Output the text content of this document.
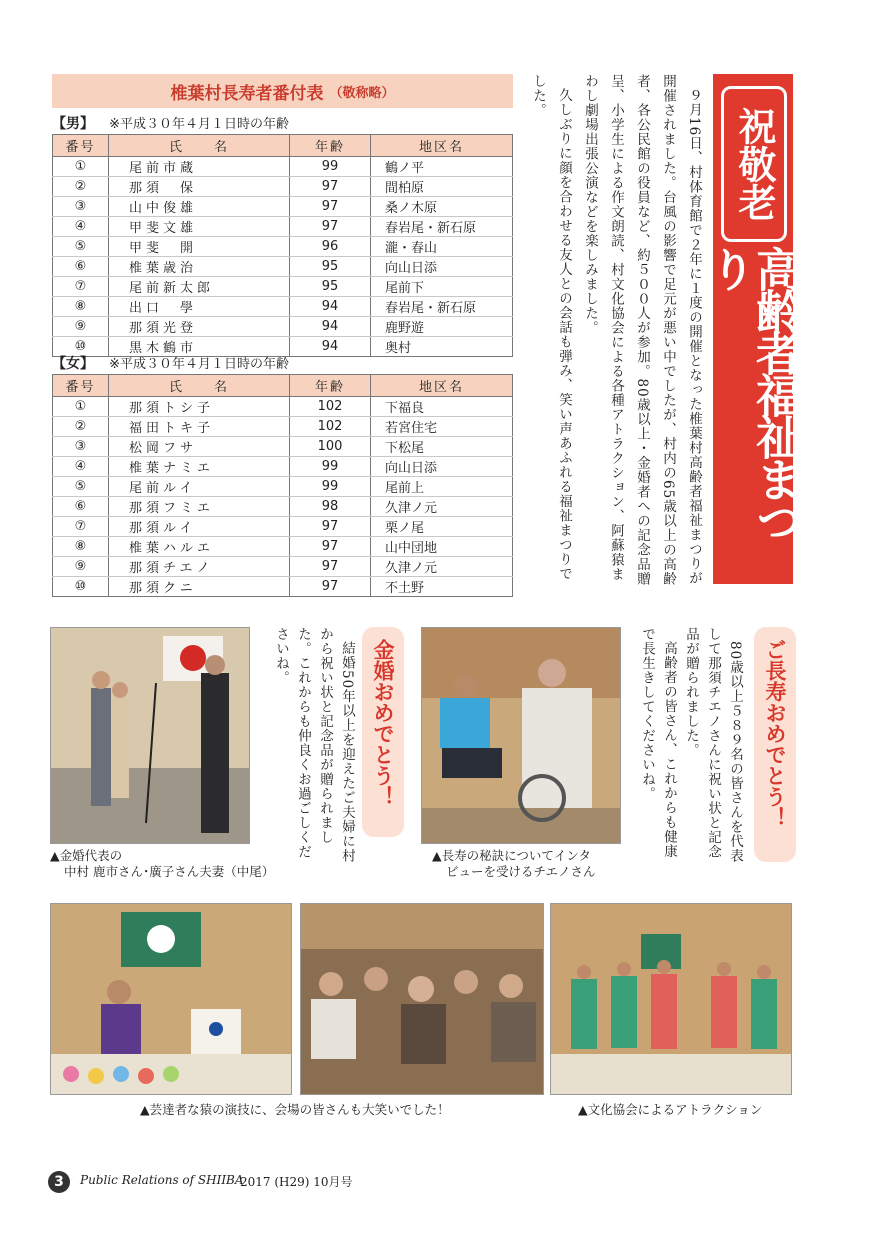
椎葉村長寿者番付表 （敬称略）
【男】 ※平成３０年４月１日時の年齢
番号	氏　　名	年齢	地区名
①	尾前市蔵	99	鶴ノ平
②	那須　保	97	間柏原
③	山中俊雄	97	桑ノ木原
④	甲斐文雄	97	春岩尾・新石原
⑤	甲斐　開	96	瀧・春山
⑥	椎葉歳治	95	向山日添
⑦	尾前新太郎	95	尾前下
⑧	出口　學	94	春岩尾・新石原
⑨	那須光登	94	鹿野遊
⑩	黒木鶴市	94	奥村
【女】 ※平成３０年４月１日時の年齢
番号	氏　　名	年齢	地区名
①	那須トシ子	102	下福良
②	福田トキ子	102	若宮住宅
③	松岡フサ	100	下松尾
④	椎葉ナミエ	99	向山日添
⑤	尾前ルイ	99	尾前上
⑥	那須フミエ	98	久津ノ元
⑦	那須ルイ	97	栗ノ尾
⑧	椎葉ハルエ	97	山中団地
⑨	那須チエノ	97	久津ノ元
⑩	那須クニ	97	不土野

９月16日、村体育館で２年に１度の開催となった椎葉村高齢者福祉まつりが開催されました。台風の影響で足元が悪い中でしたが、村内の65歳以上の高齢者、各公民館の役員など、約５００人が参加。80歳以上・金婚者への記念品贈呈、小学生による作文朗読、村文化協会による各種アトラクション、阿蘇猿まわし劇場出張公演などを楽しみました。

久しぶりに顔を合わせる友人との会話も弾み、笑い声あふれる福祉まつりでした。

祝敬老
高齢者福祉まつり
▲金婚代表の
中村 鹿市さん･廣子さん夫妻（中尾）

結婚50年以上を迎えたご夫婦に村から祝い状と記念品が贈られました。これからも仲良くお過ごしくださいね。	金婚おめでとう！
▲長寿の秘訣についてインタ
ビューを受けるチエノさん

80歳以上５８９名の皆さんを代表して那須チエノさんに祝い状と記念品が贈られました。

高齢者の皆さん、これからも健康で長生きしてくださいね。	ご長寿おめでとう！
▲芸達者な猿の演技に、会場の皆さんも大笑いでした！	▲文化協会によるアトラクション
3	Public Relations of SHIIBA
2017 (H29) 10月号
